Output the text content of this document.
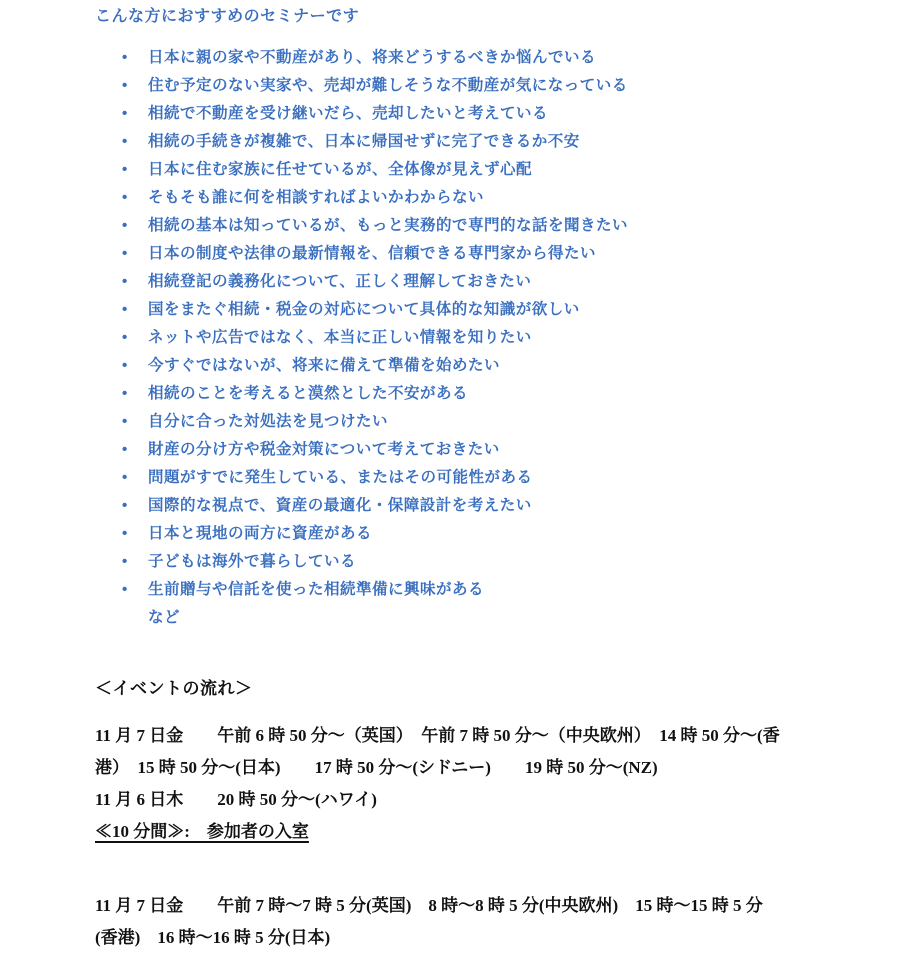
こんな方におすすめのセミナーです
• 日本に親の家や不動産があり、将来どうするべきか悩んでいる
• 住む予定のない実家や、売却が難しそうな不動産が気になっている
• 相続で不動産を受け継いだら、売却したいと考えている
• 相続の手続きが複雑で、日本に帰国せずに完了できるか不安
• 日本に住む家族に任せているが、全体像が見えず心配
• そもそも誰に何を相談すればよいかわからない
• 相続の基本は知っているが、もっと実務的で専門的な話を聞きたい
• 日本の制度や法律の最新情報を、信頼できる専門家から得たい
• 相続登記の義務化について、正しく理解しておきたい
• 国をまたぐ相続・税金の対応について具体的な知識が欲しい
• ネットや広告ではなく、本当に正しい情報を知りたい
• 今すぐではないが、将来に備えて準備を始めたい
• 相続のことを考えると漠然とした不安がある
• 自分に合った対処法を見つけたい
• 財産の分け方や税金対策について考えておきたい
• 問題がすでに発生している、またはその可能性がある
• 国際的な視点で、資産の最適化・保障設計を考えたい
• 日本と現地の両方に資産がある
• 子どもは海外で暮らしている
• 生前贈与や信託を使った相続準備に興味がある
など
＜イベントの流れ＞
11 月 7 日金　　午前 6 時 50 分～（英国）　午前 7 時 50 分～（中央欧州）　14 時 50 分～(香
港）　15 時 50 分～(日本)　　17 時 50 分～(シドニー)　　19 時 50 分～(NZ)
11 月 6 日木　　20 時 50 分～(ハワイ)
≪10 分間≫:　参加者の入室
11 月 7 日金　　午前 7 時～7 時 5 分(英国)　8 時～8 時 5 分(中央欧州)　15 時～15 時 5 分
(香港)　16 時～16 時 5 分(日本)
